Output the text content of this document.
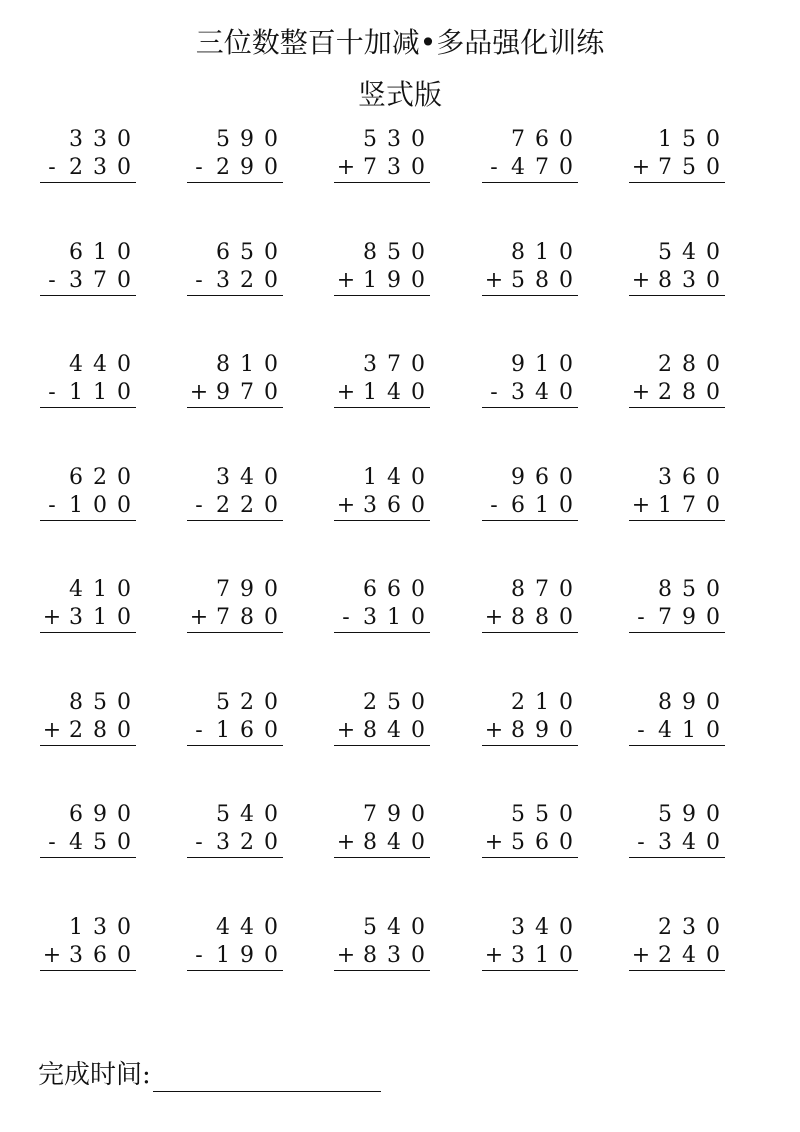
三位数整百十加减•多品强化训练
竖式版
3 3 0
- 2 3 0
5 9 0
- 2 9 0
5 3 0
+ 7 3 0
7 6 0
- 4 7 0
1 5 0
+ 7 5 0
6 1 0
- 3 7 0
6 5 0
- 3 2 0
8 5 0
+ 1 9 0
8 1 0
+ 5 8 0
5 4 0
+ 8 3 0
4 4 0
- 1 1 0
8 1 0
+ 9 7 0
3 7 0
+ 1 4 0
9 1 0
- 3 4 0
2 8 0
+ 2 8 0
6 2 0
- 1 0 0
3 4 0
- 2 2 0
1 4 0
+ 3 6 0
9 6 0
- 6 1 0
3 6 0
+ 1 7 0
4 1 0
+ 3 1 0
7 9 0
+ 7 8 0
6 6 0
- 3 1 0
8 7 0
+ 8 8 0
8 5 0
- 7 9 0
8 5 0
+ 2 8 0
5 2 0
- 1 6 0
2 5 0
+ 8 4 0
2 1 0
+ 8 9 0
8 9 0
- 4 1 0
6 9 0
- 4 5 0
5 4 0
- 3 2 0
7 9 0
+ 8 4 0
5 5 0
+ 5 6 0
5 9 0
- 3 4 0
1 3 0
+ 3 6 0
4 4 0
- 1 9 0
5 4 0
+ 8 3 0
3 4 0
+ 3 1 0
2 3 0
+ 2 4 0
完成时间:
